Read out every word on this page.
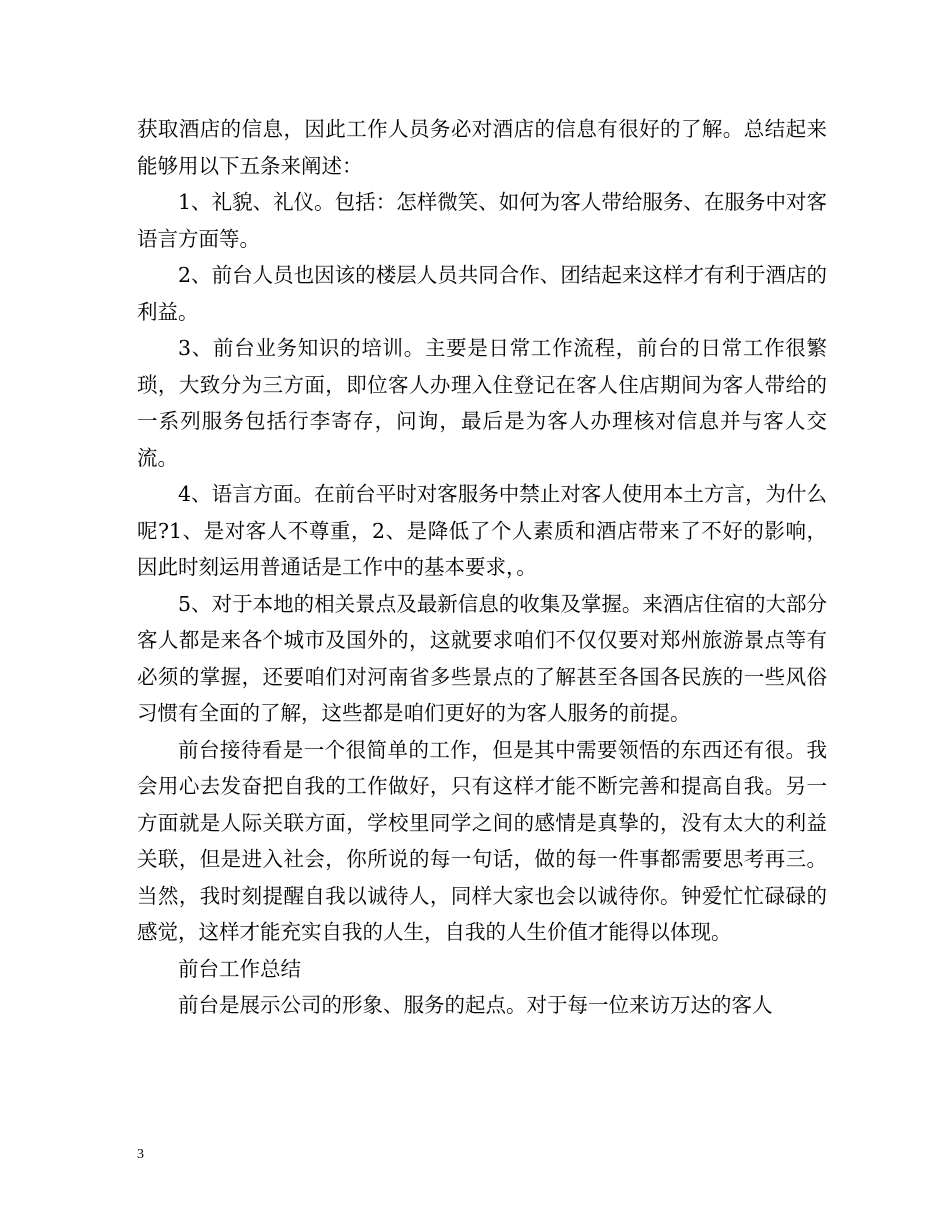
获取酒店的信息，因此工作人员务必对酒店的信息有很好的了解。总结起来能够用以下五条来阐述：

1、礼貌、礼仪。包括：怎样微笑、如何为客人带给服务、在服务中对客语言方面等。

2、前台人员也因该的楼层人员共同合作、团结起来这样才有利于酒店的利益。

3、前台业务知识的培训。主要是日常工作流程，前台的日常工作很繁琐，大致分为三方面，即位客人办理入住登记在客人住店期间为客人带给的一系列服务包括行李寄存，问询，最后是为客人办理核对信息并与客人交流。

4、语言方面。在前台平时对客服务中禁止对客人使用本土方言，为什么呢?1、是对客人不尊重，2、是降低了个人素质和酒店带来了不好的影响，因此时刻运用普通话是工作中的基本要求，。

5、对于本地的相关景点及最新信息的收集及掌握。来酒店住宿的大部分客人都是来各个城市及国外的，这就要求咱们不仅仅要对郑州旅游景点等有必须的掌握，还要咱们对河南省多些景点的了解甚至各国各民族的一些风俗习惯有全面的了解，这些都是咱们更好的为客人服务的前提。

前台接待看是一个很简单的工作，但是其中需要领悟的东西还有很。我会用心去发奋把自我的工作做好，只有这样才能不断完善和提高自我。另一方面就是人际关联方面，学校里同学之间的感情是真挚的，没有太大的利益关联，但是进入社会，你所说的每一句话，做的每一件事都需要思考再三。当然，我时刻提醒自我以诚待人，同样大家也会以诚待你。钟爱忙忙碌碌的感觉，这样才能充实自我的人生，自我的人生价值才能得以体现。

前台工作总结

前台是展示公司的形象、服务的起点。对于每一位来访万达的客人

3
